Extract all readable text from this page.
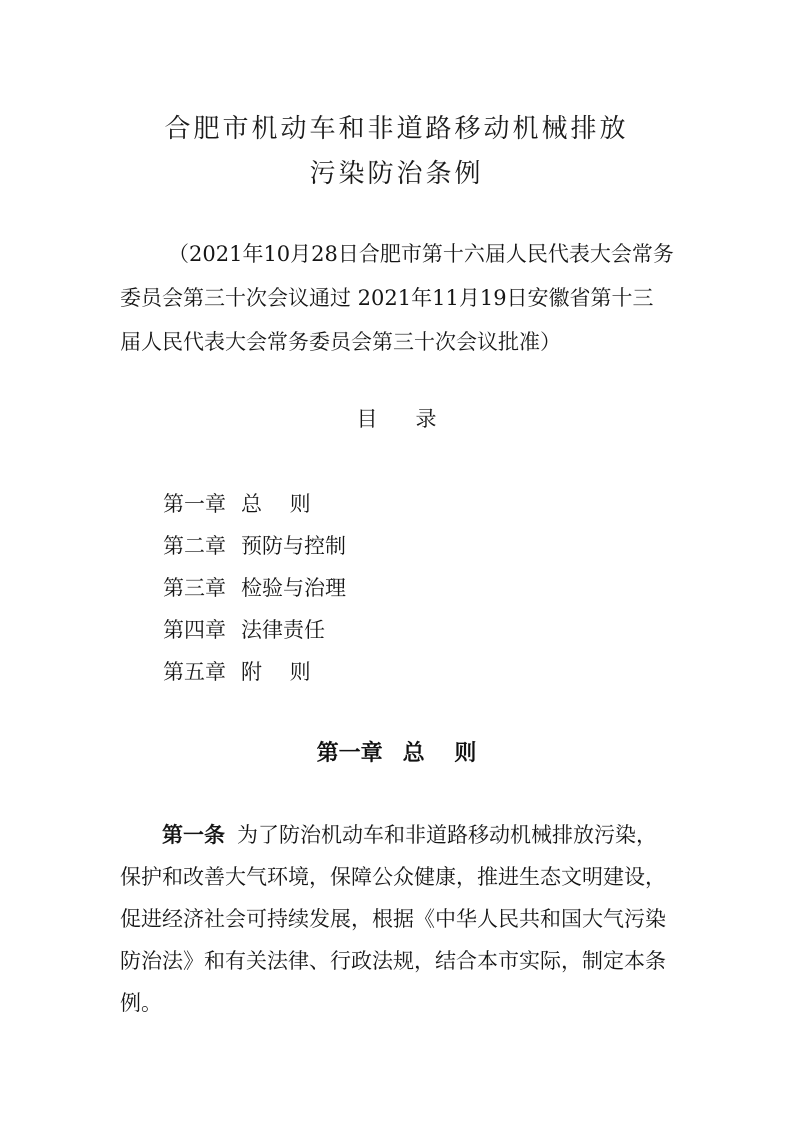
合肥市机动车和非道路移动机械排放
污染防治条例
（2021年10月28日合肥市第十六届人民代表大会常务
委员会第三十次会议通过 2021年11月19日安徽省第十三
届人民代表大会常务委员会第三十次会议批准）
目 录
第一章 总　 则
第二章 预防与控制
第三章 检验与治理
第四章 法律责任
第五章 附　 则
第一章 总　 则
第一条 为了防治机动车和非道路移动机械排放污染，
保护和改善大气环境，保障公众健康，推进生态文明建设，
促进经济社会可持续发展，根据《中华人民共和国大气污染
防治法》和有关法律、行政法规，结合本市实际，制定本条
例。
